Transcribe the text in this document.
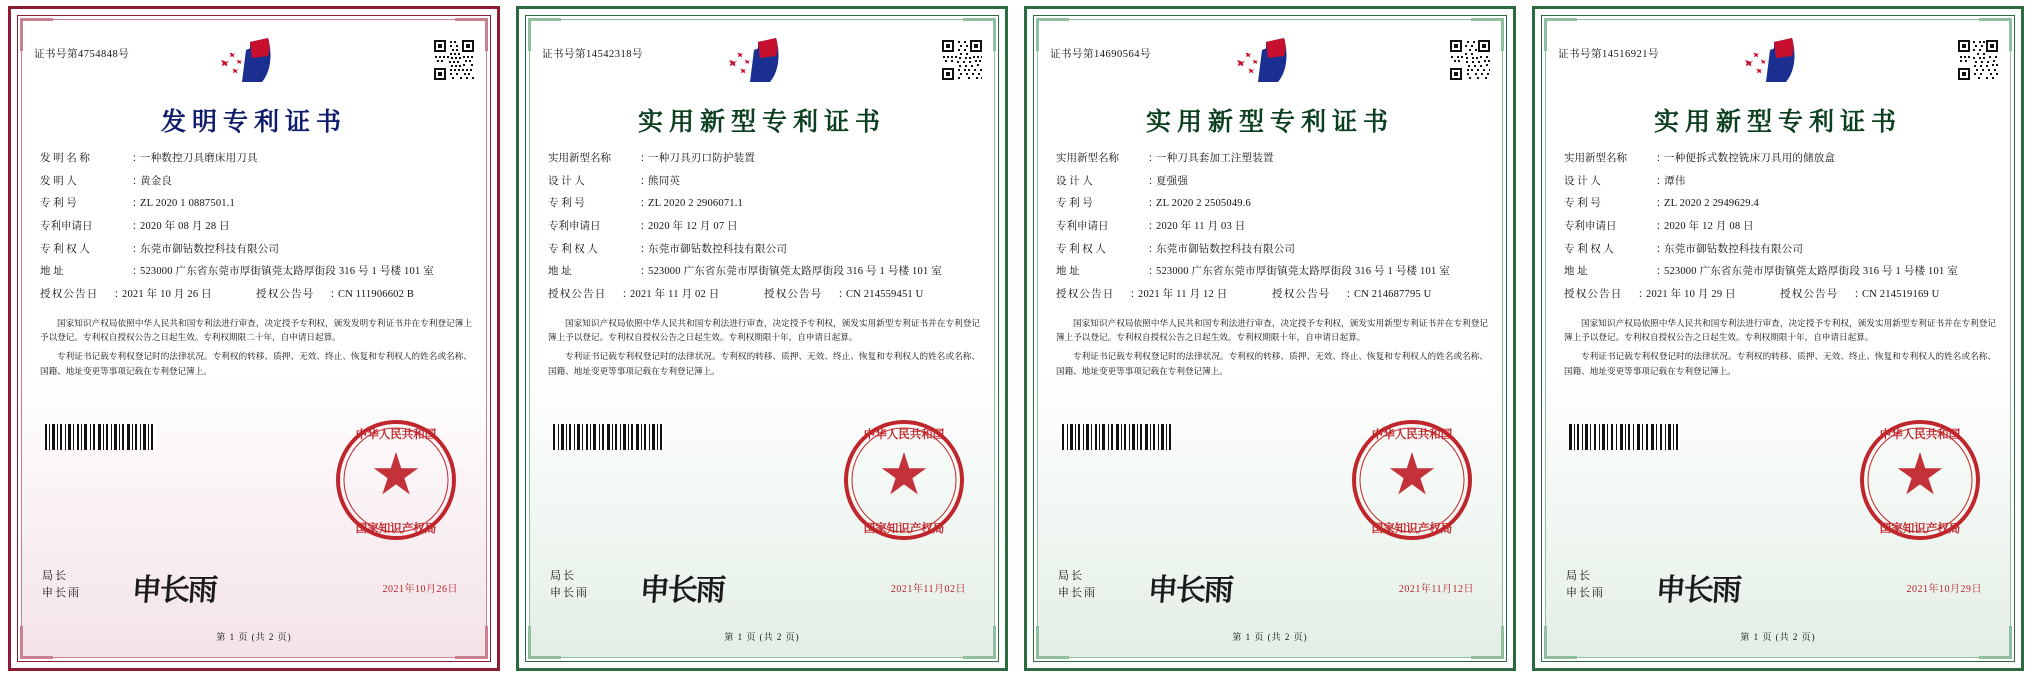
证书号第4754848号
发明专利证书
发 明 名 称	：
一种数控刀具磨床用刀具
发 明 人	：
黄金良
专 利 号	：
ZL 2020 1 0887501.1
专利申请日	：
2020 年 08 月 28 日
专 利 权 人	：
东莞市御钻数控科技有限公司
地 址	：
523000 广东省东莞市厚街镇莞太路厚街段 316 号 1 号楼 101 室
授权公告日	：
2021 年 10 月 26 日	授权公告号	：
CN 111906602 B

国家知识产权局依照中华人民共和国专利法进行审查，决定授予专利权，颁发发明专利证书并在专利登记簿上予以登记。专利权自授权公告之日起生效。专利权期限二十年，自申请日起算。

专利证书记载专利权登记时的法律状况。专利权的转移、质押、无效、终止、恢复和专利权人的姓名或名称、国籍、地址变更等事项记载在专利登记簿上。

中华人民共和国
国家知识产权局
局长
申长雨 申长雨	2021年10月26日
第 1 页 (共 2 页)
证书号第14542318号
实用新型专利证书
实用新型名称	：
一种刀具刃口防护装置
设 计 人	：
熊同英
专 利 号	：
ZL 2020 2 2906071.1
专利申请日	：
2020 年 12 月 07 日
专 利 权 人	：
东莞市御钻数控科技有限公司
地 址	：
523000 广东省东莞市厚街镇莞太路厚街段 316 号 1 号楼 101 室
授权公告日	：
2021 年 11 月 02 日	授权公告号	：
CN 214559451 U

国家知识产权局依照中华人民共和国专利法进行审查，决定授予专利权，颁发实用新型专利证书并在专利登记簿上予以登记。专利权自授权公告之日起生效。专利权期限十年，自申请日起算。

专利证书记载专利权登记时的法律状况。专利权的转移、质押、无效、终止、恢复和专利权人的姓名或名称、国籍、地址变更等事项记载在专利登记簿上。

中华人民共和国
国家知识产权局
局长
申长雨 申长雨	2021年11月02日
第 1 页 (共 2 页)
证书号第14690564号
实用新型专利证书
实用新型名称	：
一种刀具套加工注塑装置
设 计 人	：
夏强强
专 利 号	：
ZL 2020 2 2505049.6
专利申请日	：
2020 年 11 月 03 日
专 利 权 人	：
东莞市御钻数控科技有限公司
地 址	：
523000 广东省东莞市厚街镇莞太路厚街段 316 号 1 号楼 101 室
授权公告日	：
2021 年 11 月 12 日	授权公告号	：
CN 214687795 U

国家知识产权局依照中华人民共和国专利法进行审查，决定授予专利权，颁发实用新型专利证书并在专利登记簿上予以登记。专利权自授权公告之日起生效。专利权期限十年，自申请日起算。

专利证书记载专利权登记时的法律状况。专利权的转移、质押、无效、终止、恢复和专利权人的姓名或名称、国籍、地址变更等事项记载在专利登记簿上。

中华人民共和国
国家知识产权局
局长
申长雨 申长雨	2021年11月12日
第 1 页 (共 2 页)
证书号第14516921号
实用新型专利证书
实用新型名称	：
一种便拆式数控铣床刀具用的储放盒
设 计 人	：
谭伟
专 利 号	：
ZL 2020 2 2949629.4
专利申请日	：
2020 年 12 月 08 日
专 利 权 人	：
东莞市御钻数控科技有限公司
地 址	：
523000 广东省东莞市厚街镇莞太路厚街段 316 号 1 号楼 101 室
授权公告日	：
2021 年 10 月 29 日	授权公告号	：
CN 214519169 U

国家知识产权局依照中华人民共和国专利法进行审查，决定授予专利权，颁发实用新型专利证书并在专利登记簿上予以登记。专利权自授权公告之日起生效。专利权期限十年，自申请日起算。

专利证书记载专利权登记时的法律状况。专利权的转移、质押、无效、终止、恢复和专利权人的姓名或名称、国籍、地址变更等事项记载在专利登记簿上。

中华人民共和国
国家知识产权局
局长
申长雨 申长雨	2021年10月29日
第 1 页 (共 2 页)
